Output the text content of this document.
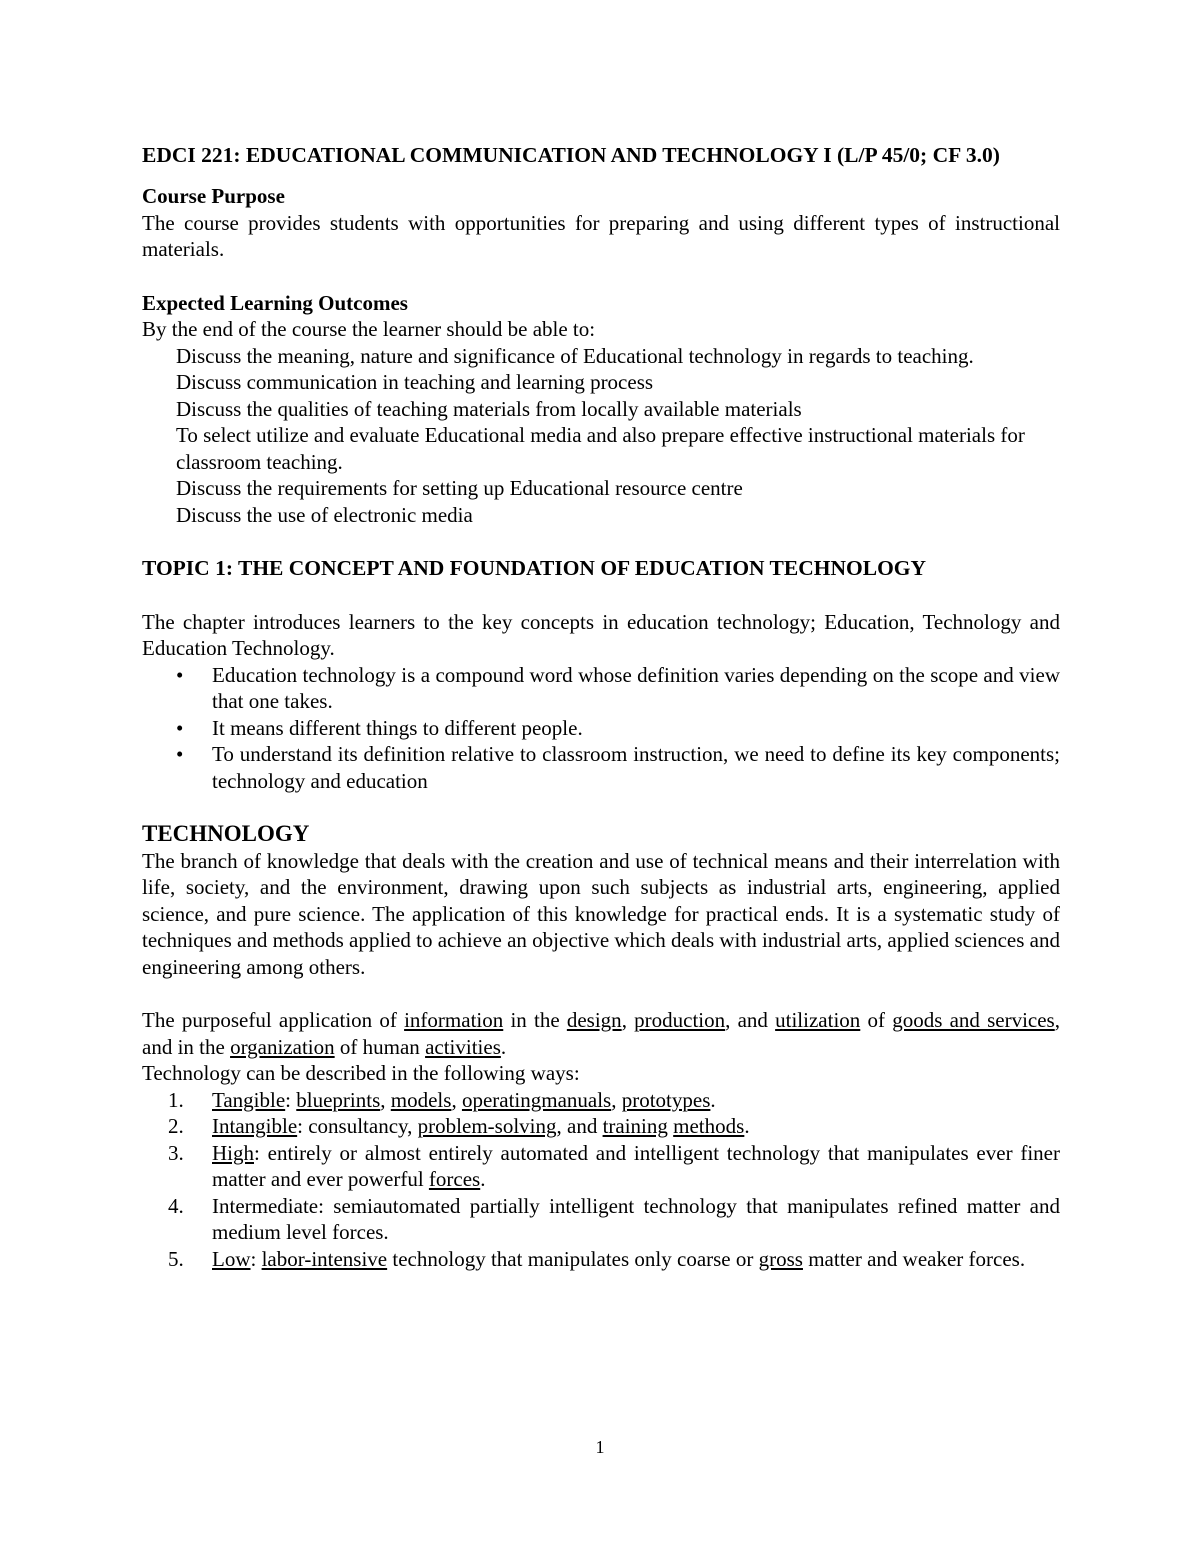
EDCI 221: EDUCATIONAL COMMUNICATION AND TECHNOLOGY I (L/P 45/0; CF 3.0)

Course Purpose

The course provides students with opportunities for preparing and using different types of instructional materials.

Expected Learning Outcomes

By the end of the course the learner should be able to:

Discuss the meaning, nature and significance of Educational technology in regards to teaching.
Discuss communication in teaching and learning process
Discuss the qualities of teaching materials from locally available materials
To select utilize and evaluate Educational media and also prepare effective instructional materials for classroom teaching.
Discuss the requirements for setting up Educational resource centre
Discuss the use of electronic media

TOPIC 1: THE CONCEPT AND FOUNDATION OF EDUCATION TECHNOLOGY

The chapter introduces learners to the key concepts in education technology; Education, Technology and Education Technology.

• Education technology is a compound word whose definition varies depending on the scope and view that one takes.
• It means different things to different people.
• To understand its definition relative to classroom instruction, we need to define its key components; technology and education

TECHNOLOGY

The branch of knowledge that deals with the creation and use of technical means and their interrelation with life, society, and the environment, drawing upon such subjects as industrial arts, engineering, applied science, and pure science. The application of this knowledge for practical ends. It is a systematic study of techniques and methods applied to achieve an objective which deals with industrial arts, applied sciences and engineering among others.

The purposeful application of information in the design, production, and utilization of goods and services, and in the organization of human activities.

Technology can be described in the following ways:

1. Tangible: blueprints, models, operatingmanuals, prototypes.
2. Intangible: consultancy, problem-solving, and training methods.
3. High: entirely or almost entirely automated and intelligent technology that manipulates ever finer matter and ever powerful forces.
4. Intermediate: semiautomated partially intelligent technology that manipulates refined matter and medium level forces.
5. Low: labor-intensive technology that manipulates only coarse or gross matter and weaker forces.
1
